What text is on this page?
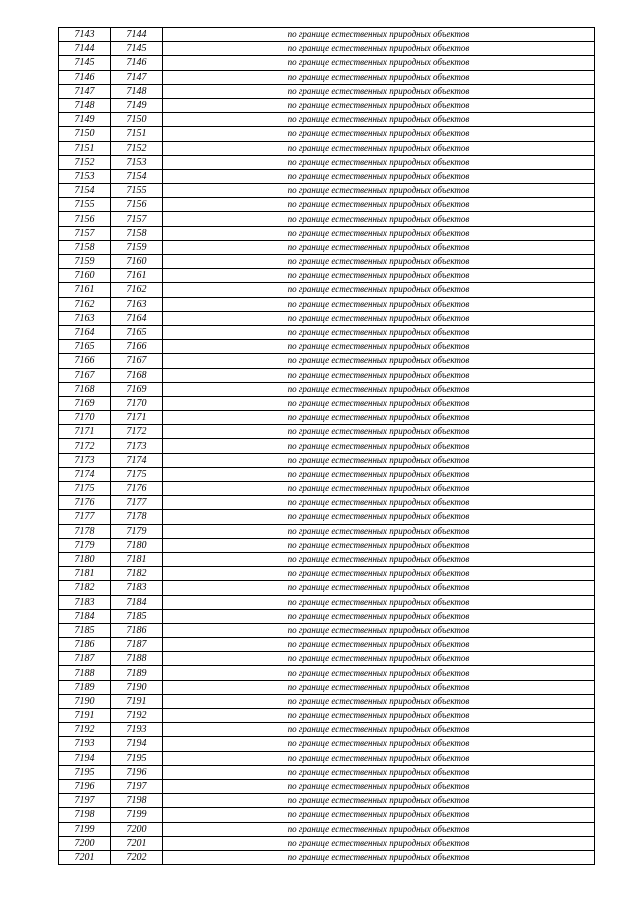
7143	7144	по границе естественных природных объектов
7144	7145	по границе естественных природных объектов
7145	7146	по границе естественных природных объектов
7146	7147	по границе естественных природных объектов
7147	7148	по границе естественных природных объектов
7148	7149	по границе естественных природных объектов
7149	7150	по границе естественных природных объектов
7150	7151	по границе естественных природных объектов
7151	7152	по границе естественных природных объектов
7152	7153	по границе естественных природных объектов
7153	7154	по границе естественных природных объектов
7154	7155	по границе естественных природных объектов
7155	7156	по границе естественных природных объектов
7156	7157	по границе естественных природных объектов
7157	7158	по границе естественных природных объектов
7158	7159	по границе естественных природных объектов
7159	7160	по границе естественных природных объектов
7160	7161	по границе естественных природных объектов
7161	7162	по границе естественных природных объектов
7162	7163	по границе естественных природных объектов
7163	7164	по границе естественных природных объектов
7164	7165	по границе естественных природных объектов
7165	7166	по границе естественных природных объектов
7166	7167	по границе естественных природных объектов
7167	7168	по границе естественных природных объектов
7168	7169	по границе естественных природных объектов
7169	7170	по границе естественных природных объектов
7170	7171	по границе естественных природных объектов
7171	7172	по границе естественных природных объектов
7172	7173	по границе естественных природных объектов
7173	7174	по границе естественных природных объектов
7174	7175	по границе естественных природных объектов
7175	7176	по границе естественных природных объектов
7176	7177	по границе естественных природных объектов
7177	7178	по границе естественных природных объектов
7178	7179	по границе естественных природных объектов
7179	7180	по границе естественных природных объектов
7180	7181	по границе естественных природных объектов
7181	7182	по границе естественных природных объектов
7182	7183	по границе естественных природных объектов
7183	7184	по границе естественных природных объектов
7184	7185	по границе естественных природных объектов
7185	7186	по границе естественных природных объектов
7186	7187	по границе естественных природных объектов
7187	7188	по границе естественных природных объектов
7188	7189	по границе естественных природных объектов
7189	7190	по границе естественных природных объектов
7190	7191	по границе естественных природных объектов
7191	7192	по границе естественных природных объектов
7192	7193	по границе естественных природных объектов
7193	7194	по границе естественных природных объектов
7194	7195	по границе естественных природных объектов
7195	7196	по границе естественных природных объектов
7196	7197	по границе естественных природных объектов
7197	7198	по границе естественных природных объектов
7198	7199	по границе естественных природных объектов
7199	7200	по границе естественных природных объектов
7200	7201	по границе естественных природных объектов
7201	7202	по границе естественных природных объектов
